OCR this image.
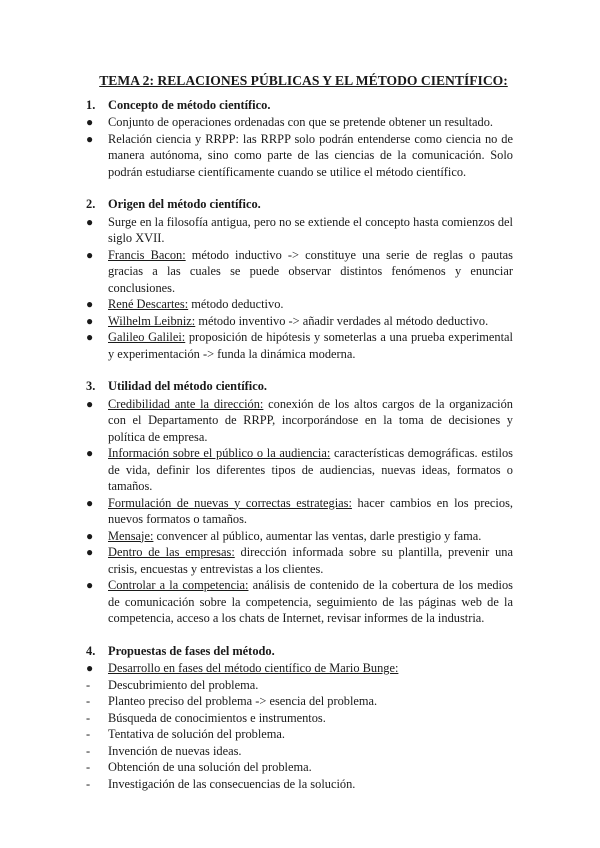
TEMA 2: RELACIONES PÚBLICAS Y EL MÉTODO CIENTÍFICO:
1.	Concepto de método científico.
●	Conjunto de operaciones ordenadas con que se pretende obtener un resultado.
●	Relación ciencia y RRPP: las RRPP solo podrán entenderse como ciencia no de manera autónoma, sino como parte de las ciencias de la comunicación. Solo podrán estudiarse científicamente cuando se utilice el método científico.
2.	Origen del método científico.
●	Surge en la filosofía antigua, pero no se extiende el concepto hasta comienzos del siglo XVII.
●	Francis Bacon: método inductivo -> constituye una serie de reglas o pautas gracias a las cuales se puede observar distintos fenómenos y enunciar conclusiones.
●	René Descartes: método deductivo.
●	Wilhelm Leibniz: método inventivo -> añadir verdades al método deductivo.
●	Galileo Galilei: proposición de hipótesis y someterlas a una prueba experimental y experimentación -> funda la dinámica moderna.
3.	Utilidad del método científico.
●	Credibilidad ante la dirección: conexión de los altos cargos de la organización con el Departamento de RRPP, incorporándose en la toma de decisiones y política de empresa.
●	Información sobre el público o la audiencia: características demográficas. estilos de vida, definir los diferentes tipos de audiencias, nuevas ideas, formatos o tamaños.
●	Formulación de nuevas y correctas estrategias: hacer cambios en los precios, nuevos formatos o tamaños.
●	Mensaje: convencer al público, aumentar las ventas, darle prestigio y fama.
●	Dentro de las empresas: dirección informada sobre su plantilla, prevenir una crisis, encuestas y entrevistas a los clientes.
●	Controlar a la competencia: análisis de contenido de la cobertura de los medios de comunicación sobre la competencia, seguimiento de las páginas web de la competencia, acceso a los chats de Internet, revisar informes de la industria.
4.	Propuestas de fases del método.
●	Desarrollo en fases del método científico de Mario Bunge:
-	Descubrimiento del problema.
-	Planteo preciso del problema -> esencia del problema.
-	Búsqueda de conocimientos e instrumentos.
-	Tentativa de solución del problema.
-	Invención de nuevas ideas.
-	Obtención de una solución del problema.
-	Investigación de las consecuencias de la solución.
